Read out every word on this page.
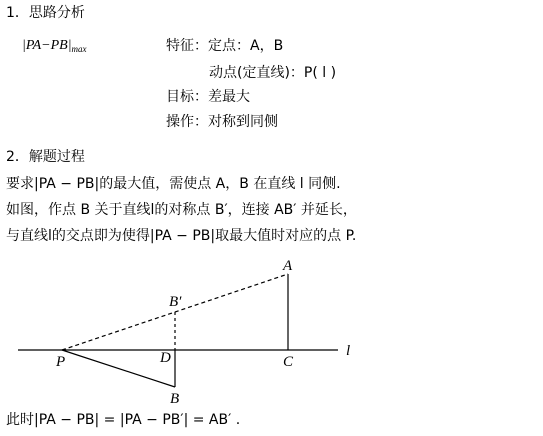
1．思路分析
$|PA-PB|_{max}$	特征：定点：A，B
动点(定直线)：P( l )
目标：差最大
操作：对称到同侧
2．解题过程
要求|PA − PB|的最大值，需使点 A，B 在直线 l 同侧.
如图，作点 B 关于直线l的对称点 B′，连接 AB′ 并延长，
与直线l的交点即为使得|PA − PB|取最大值时对应的点 P.
A
B′
B
P	D	C
l
此时|PA − PB| = |PA − PB′| = AB′ .
